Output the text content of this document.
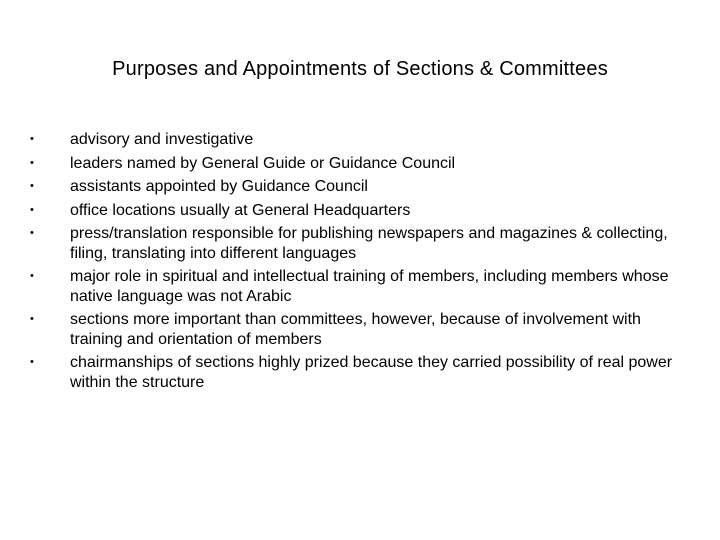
Purposes and Appointments of Sections & Committees
•	advisory and investigative
•	leaders named by General Guide or Guidance Council
•	assistants appointed by Guidance Council
•	office locations usually at General Headquarters
•	press/translation responsible for publishing newspapers and magazines & collecting, filing, translating into different languages
•	major role in spiritual and intellectual training of members, including members whose native language was not Arabic
•	sections more important than committees, however, because of involvement with training and orientation of members
•	chairmanships of sections highly prized because they carried possibility of real power within the structure
